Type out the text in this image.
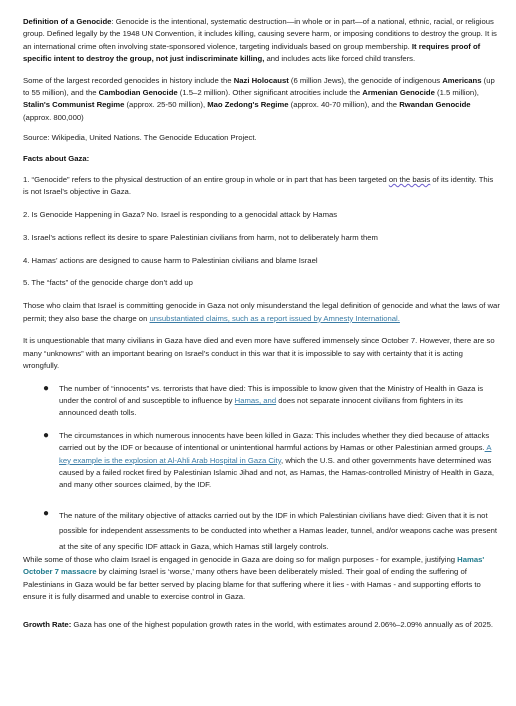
Definition of a Genocide: Genocide is the intentional, systematic destruction—in whole or in part—of a national, ethnic, racial, or religious group. Defined legally by the 1948 UN Convention, it includes killing, causing severe harm, or imposing conditions to destroy the group. It is an international crime often involving state-sponsored violence, targeting individuals based on group membership. It requires proof of specific intent to destroy the group, not just indiscriminate killing, and includes acts like forced child transfers.

Some of the largest recorded genocides in history include the Nazi Holocaust (6 million Jews), the genocide of indigenous Americans (up to 55 million), and the Cambodian Genocide (1.5–2 million). Other significant atrocities include the Armenian Genocide (1.5 million), Stalin's Communist Regime (approx. 25-50 million), Mao Zedong's Regime (approx. 40-70 million), and the Rwandan Genocide (approx. 800,000)

Source: Wikipedia, United Nations. The Genocide Education Project.

Facts about Gaza:

1. “Genocide” refers to the physical destruction of an entire group in whole or in part that has been targeted on the basis of its identity. This is not Israel’s objective in Gaza.

2. Is Genocide Happening in Gaza? No. Israel is responding to a genocidal attack by Hamas

3. Israel’s actions reflect its desire to spare Palestinian civilians from harm, not to deliberately harm them

4. Hamas’ actions are designed to cause harm to Palestinian civilians and blame Israel

5. The “facts” of the genocide charge don’t add up

Those who claim that Israel is committing genocide in Gaza not only misunderstand the legal definition of genocide and what the laws of war permit; they also base the charge on unsubstantiated claims, such as a report issued by Amnesty International.

It is unquestionable that many civilians in Gaza have died and even more have suffered immensely since October 7. However, there are so many “unknowns” with an important bearing on Israel’s conduct in this war that it is impossible to say with certainty that it is acting wrongfully.

●	The number of “innocents” vs. terrorists that have died: This is impossible to know given that the Ministry of Health in Gaza is under the control of and susceptible to influence by Hamas, and does not separate innocent civilians from fighters in its announced death tolls.
●	The circumstances in which numerous innocents have been killed in Gaza: This includes whether they died because of attacks carried out by the IDF or because of intentional or unintentional harmful actions by Hamas or other Palestinian armed groups. A key example is the explosion at Al-Ahli Arab Hospital in Gaza City, which the U.S. and other governments have determined was caused by a failed rocket fired by Palestinian Islamic Jihad and not, as Hamas, the Hamas-controlled Ministry of Health in Gaza, and many other sources claimed, by the IDF.
●	The nature of the military objective of attacks carried out by the IDF in which Palestinian civilians have died: Given that it is not possible for independent assessments to be conducted into whether a Hamas leader, tunnel, and/or weapons cache was present at the site of any specific IDF attack in Gaza, which Hamas still largely controls.

While some of those who claim Israel is engaged in genocide in Gaza are doing so for malign purposes - for example, justifying Hamas' October 7 massacre by claiming Israel is ‘worse,’ many others have been deliberately misled. Their goal of ending the suffering of Palestinians in Gaza would be far better served by placing blame for that suffering where it lies - with Hamas - and supporting efforts to ensure it is fully disarmed and unable to exercise control in Gaza.

Growth Rate: Gaza has one of the highest population growth rates in the world, with estimates around 2.06%–2.09% annually as of 2025.
